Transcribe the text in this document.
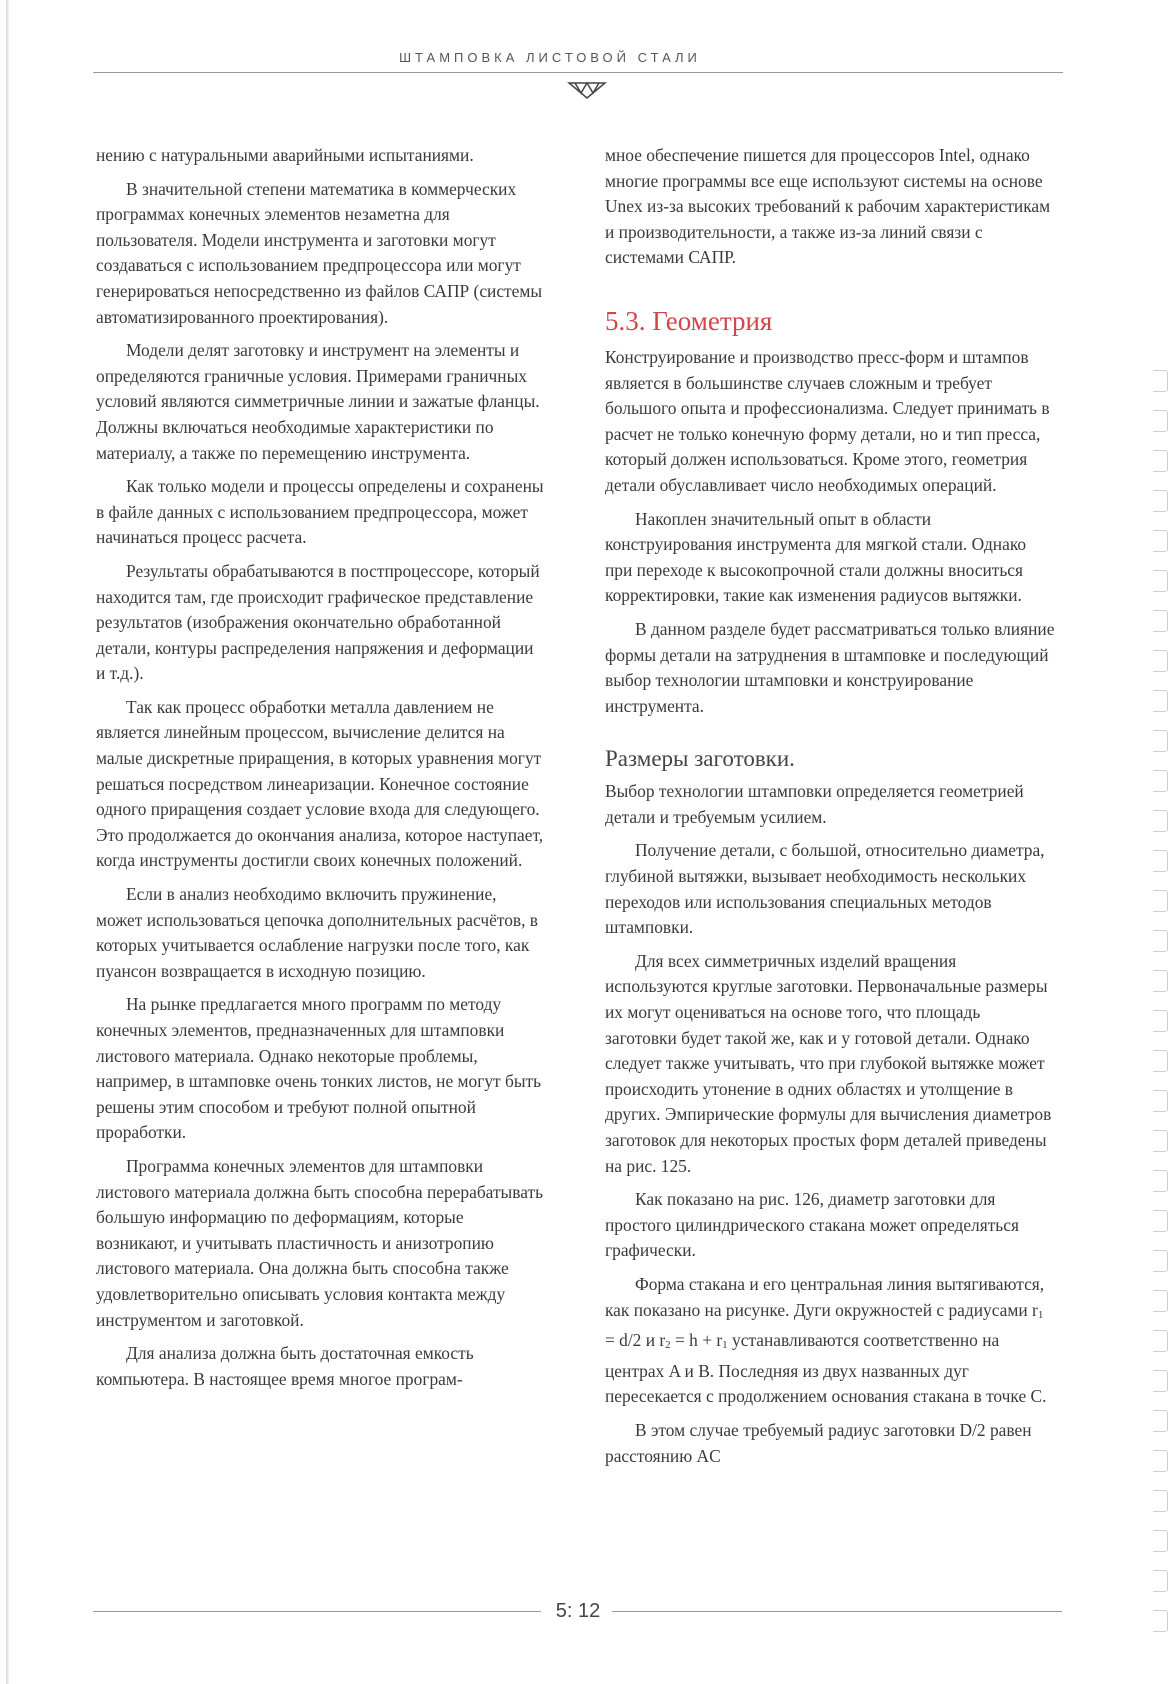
ШТАМПОВКА ЛИСТОВОЙ СТАЛИ

нению с натуральными аварийными испытаниями.

В значительной степени математика в коммерческих программах конечных элементов незаметна для пользователя. Модели инструмента и заготовки могут создаваться с использованием предпроцессора или могут генерироваться непосредственно из файлов САПР (системы автоматизированного проектирования).

Модели делят заготовку и инструмент на элементы и определяются граничные условия. Примерами граничных условий являются симметричные линии и зажатые фланцы. Должны включаться необходимые характеристики по материалу, а также по перемещению инструмента.

Как только модели и процессы определены и сохранены в файле данных с использованием предпроцессора, может начинаться процесс расчета.

Результаты обрабатываются в постпроцессоре, который находится там, где происходит графическое представление результатов (изображения окончательно обработанной детали, контуры распределения напряжения и деформации и т.д.).

Так как процесс обработки металла давлением не является линейным процессом, вычисление делится на малые дискретные приращения, в которых уравнения могут решаться посредством линеаризации. Конечное состояние одного приращения создает условие входа для следующего. Это продолжается до окончания анализа, которое наступает, когда инструменты достигли своих конечных положений.

Если в анализ необходимо включить пружинение, может использоваться цепочка дополнительных расчётов, в которых учитывается ослабление нагрузки после того, как пуансон возвращается в исходную позицию.

На рынке предлагается много программ по методу конечных элементов, предназначенных для штамповки листового материала. Однако некоторые проблемы, например, в штамповке очень тонких листов, не могут быть решены этим способом и требуют полной опытной проработки.

Программа конечных элементов для штамповки листового материала должна быть способна перерабатывать большую информацию по деформациям, которые возникают, и учитывать пластичность и анизотропию листового материала. Она должна быть способна также удовлетворительно описывать условия контакта между инструментом и заготовкой.

Для анализа должна быть достаточная емкость компьютера. В настоящее время многое програм-

мное обеспечение пишется для процессоров Intel, однако многие программы все еще используют системы на основе Unex из-за высоких требований к рабочим характеристикам и производительности, а также из-за линий связи с системами САПР.

5.3. Геометрия

Конструирование и производство пресс-форм и штампов является в большинстве случаев сложным и требует большого опыта и профессионализма. Следует принимать в расчет не только конечную форму детали, но и тип пресса, который должен использоваться. Кроме этого, геометрия детали обуславливает число необходимых операций.

Накоплен значительный опыт в области конструирования инструмента для мягкой стали. Однако при переходе к высокопрочной стали должны вноситься корректировки, такие как изменения радиусов вытяжки.

В данном разделе будет рассматриваться только влияние формы детали на затруднения в штамповке и последующий выбор технологии штамповки и конструирование инструмента.

Размеры заготовки.

Выбор технологии штамповки определяется геометрией детали и требуемым усилием.

Получение детали, с большой, относительно диаметра, глубиной вытяжки, вызывает необходимость нескольких переходов или использования специальных методов штамповки.

Для всех симметричных изделий вращения используются круглые заготовки. Первоначальные размеры их могут оцениваться на основе того, что площадь заготовки будет такой же, как и у готовой детали. Однако следует также учитывать, что при глубокой вытяжке может происходить утонение в одних областях и утолщение в других. Эмпирические формулы для вычисления диаметров заготовок для некоторых простых форм деталей приведены на рис. 125.

Как показано на рис. 126, диаметр заготовки для простого цилиндрического стакана может определяться графически.

Форма стакана и его центральная линия вытягиваются, как показано на рисунке. Дуги окружностей с радиусами r1 = d/2 и r2 = h + r1 устанавливаются соответственно на центрах A и B. Последняя из двух названных дуг пересекается с продолжением основания стакана в точке C.

В этом случае требуемый радиус заготовки D/2 равен расстоянию AC

5: 12
